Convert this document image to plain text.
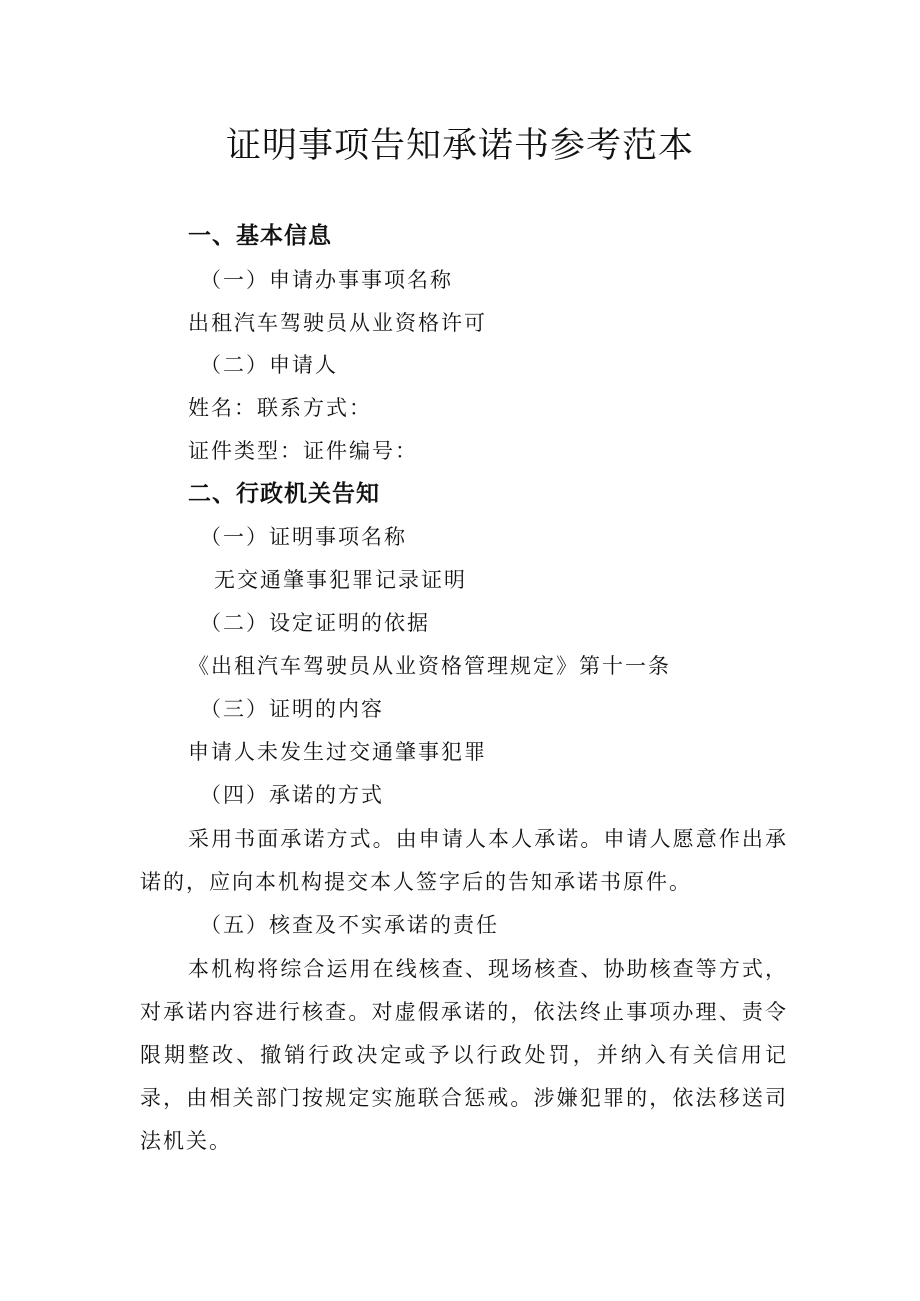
证明事项告知承诺书参考范本

一、基本信息

（一）申请办事事项名称

出租汽车驾驶员从业资格许可

（二）申请人

姓名：联系方式：

证件类型：证件编号：

二、行政机关告知

（一）证明事项名称

无交通肇事犯罪记录证明

（二）设定证明的依据

《出租汽车驾驶员从业资格管理规定》第十一条

（三）证明的内容

申请人未发生过交通肇事犯罪

（四）承诺的方式

采用书面承诺方式。由申请人本人承诺。申请人愿意作出承诺的，应向本机构提交本人签字后的告知承诺书原件。

（五）核查及不实承诺的责任

本机构将综合运用在线核查、现场核查、协助核查等方式，对承诺内容进行核查。对虚假承诺的，依法终止事项办理、责令限期整改、撤销行政决定或予以行政处罚，并纳入有关信用记录，由相关部门按规定实施联合惩戒。涉嫌犯罪的，依法移送司法机关。
